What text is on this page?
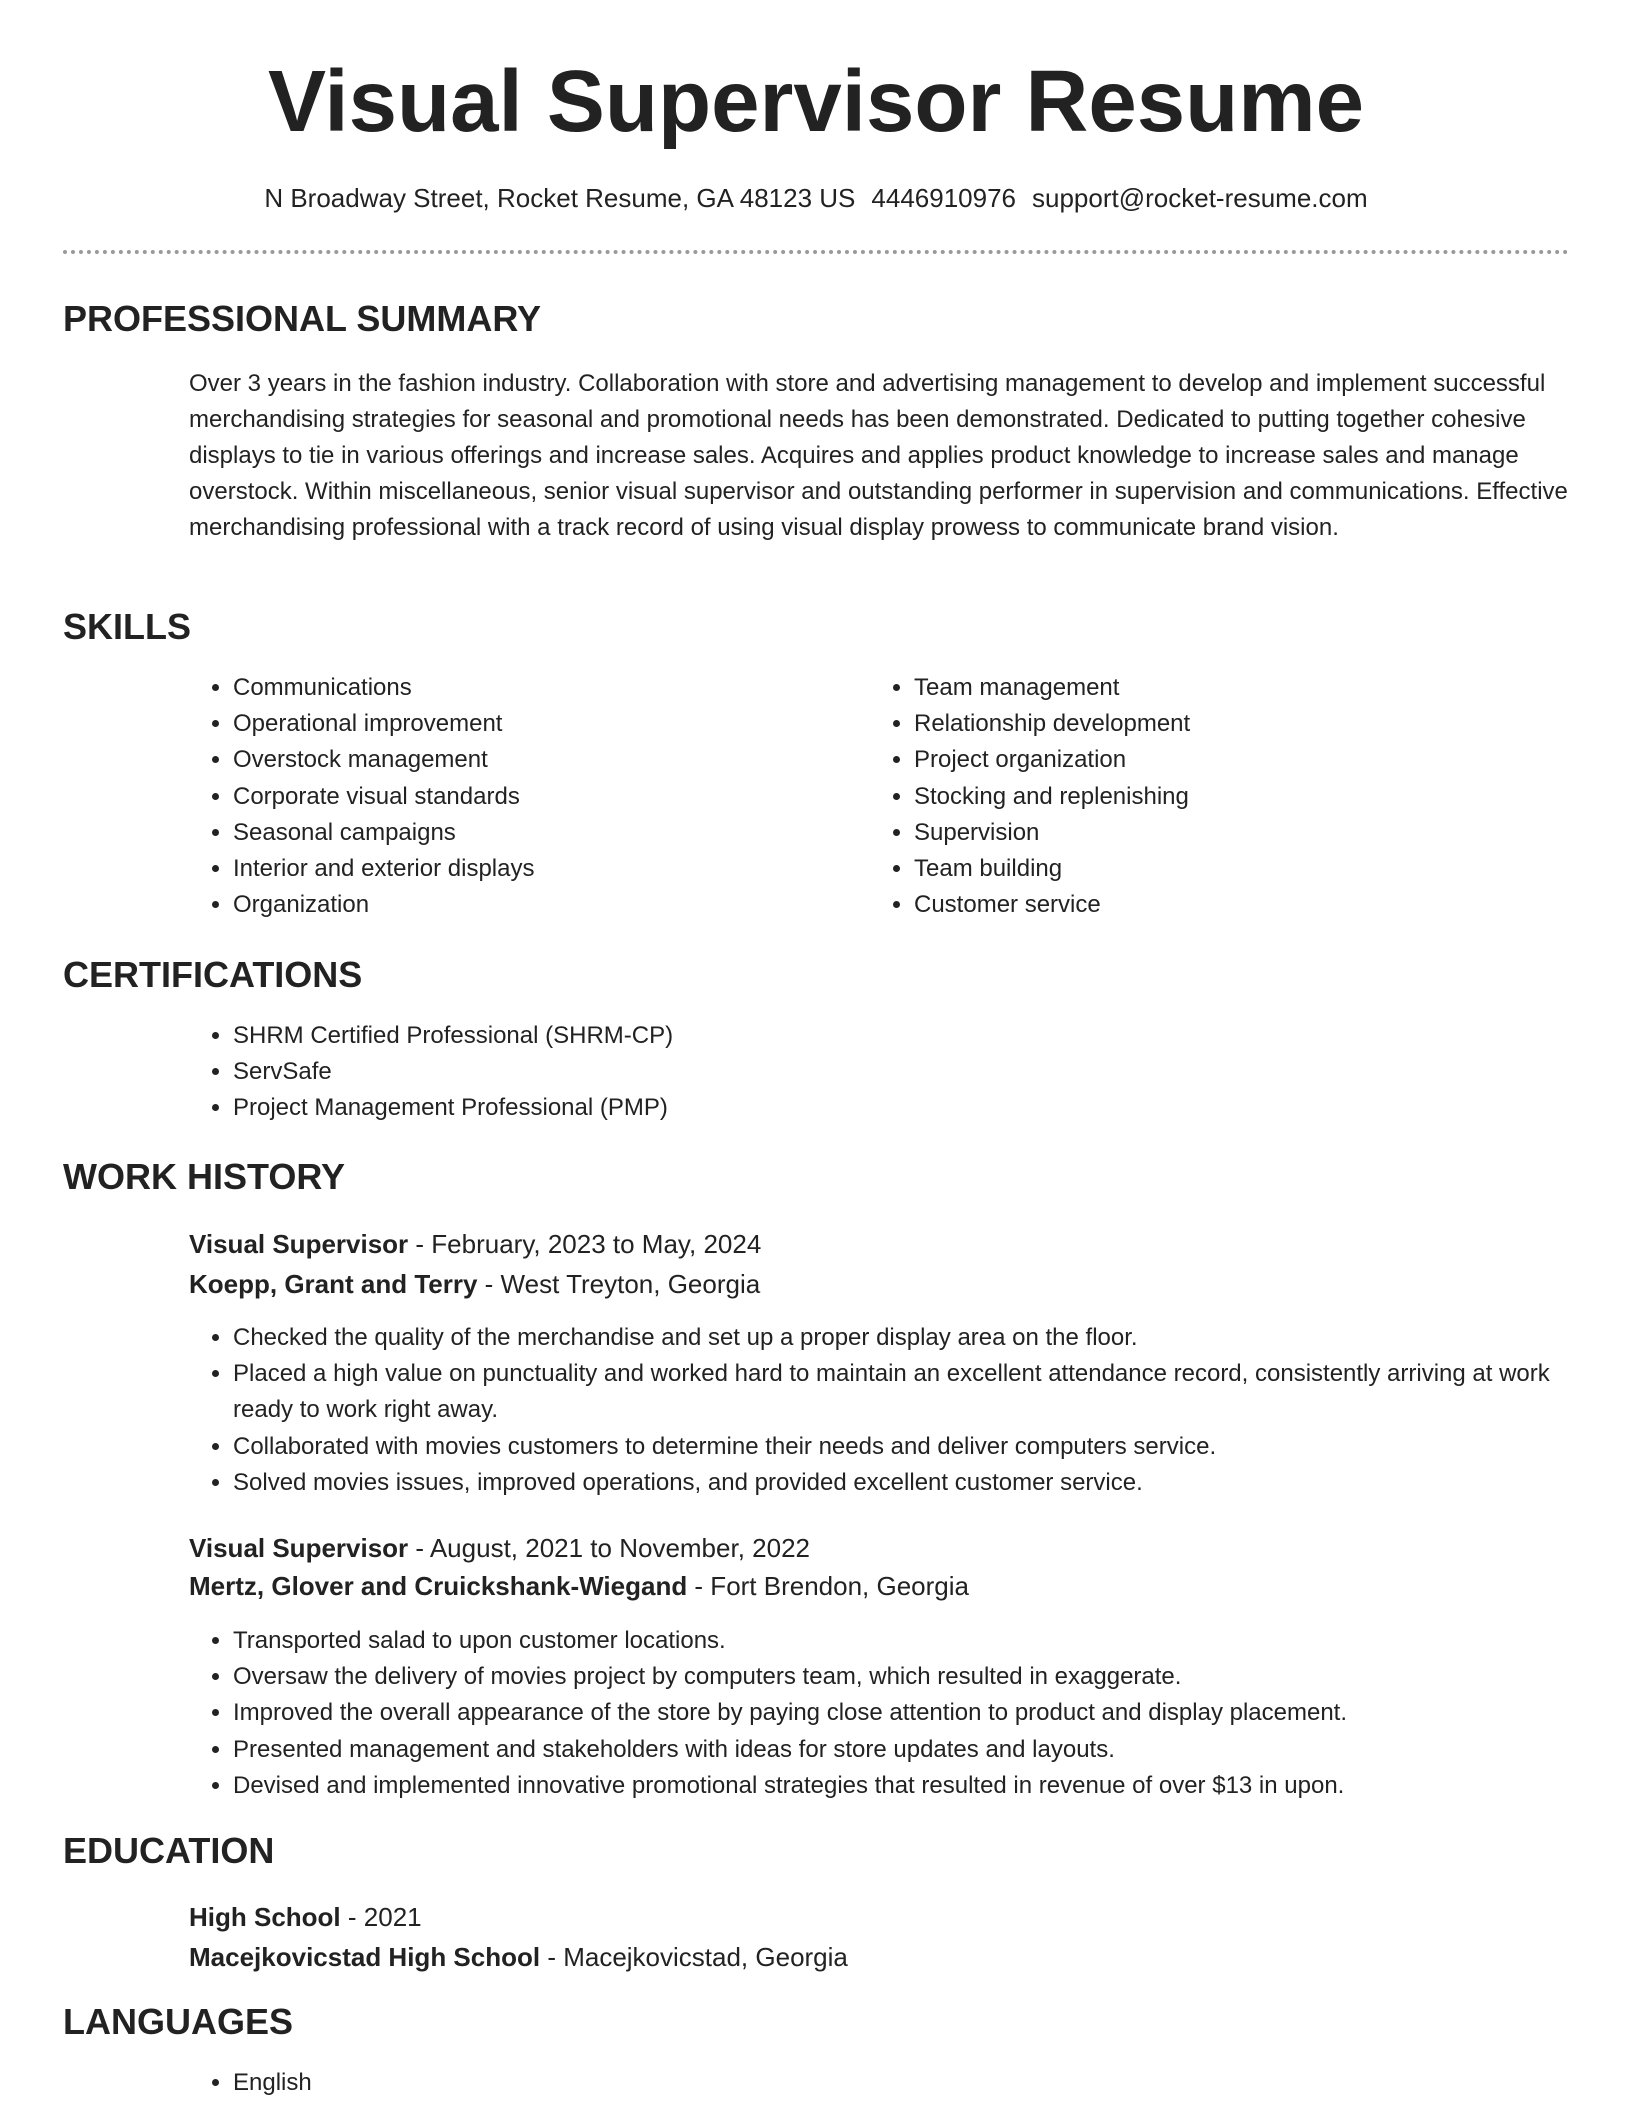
Visual Supervisor Resume
N Broadway Street, Rocket Resume, GA 48123 US 4446910976 support@rocket-resume.com
PROFESSIONAL SUMMARY

Over 3 years in the fashion industry. Collaboration with store and advertising management to develop and implement successful merchandising strategies for seasonal and promotional needs has been demonstrated. Dedicated to putting together cohesive displays to tie in various offerings and increase sales. Acquires and applies product knowledge to increase sales and manage overstock. Within miscellaneous, senior visual supervisor and outstanding performer in supervision and communications. Effective merchandising professional with a track record of using visual display prowess to communicate brand vision.

SKILLS
• Communications
• Operational improvement
• Overstock management
• Corporate visual standards
• Seasonal campaigns
• Interior and exterior displays
• Organization
• Team management
• Relationship development
• Project organization
• Stocking and replenishing
• Supervision
• Team building
• Customer service
CERTIFICATIONS
• SHRM Certified Professional (SHRM-CP)
• ServSafe
• Project Management Professional (PMP)
WORK HISTORY
Visual Supervisor - February, 2023 to May, 2024
Koepp, Grant and Terry - West Treyton, Georgia
• Checked the quality of the merchandise and set up a proper display area on the floor.
• Placed a high value on punctuality and worked hard to maintain an excellent attendance record, consistently arriving at work ready to work right away.
• Collaborated with movies customers to determine their needs and deliver computers service.
• Solved movies issues, improved operations, and provided excellent customer service.
Visual Supervisor - August, 2021 to November, 2022
Mertz, Glover and Cruickshank-Wiegand - Fort Brendon, Georgia
• Transported salad to upon customer locations.
• Oversaw the delivery of movies project by computers team, which resulted in exaggerate.
• Improved the overall appearance of the store by paying close attention to product and display placement.
• Presented management and stakeholders with ideas for store updates and layouts.
• Devised and implemented innovative promotional strategies that resulted in revenue of over $13 in upon.
EDUCATION
High School - 2021
Macejkovicstad High School - Macejkovicstad, Georgia
LANGUAGES
• English
